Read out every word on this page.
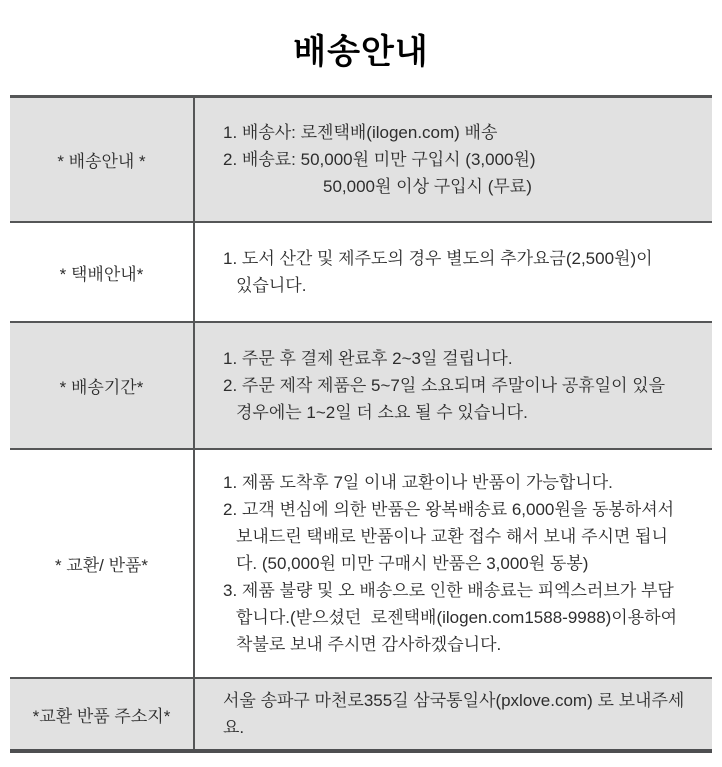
배송안내
* 배송안내 *
1. 배송사: 로젠택배(ilogen.com) 배송
2. 배송료: 50,000원 미만 구입시 (3,000원)
50,000원 이상 구입시 (무료)
* 택배안내*
1. 도서 산간 및 제주도의 경우 별도의 추가요금(2,500원)이
있습니다.
* 배송기간*
1. 주문 후 결제 완료후 2~3일 걸립니다.
2. 주문 제작 제품은 5~7일 소요되며 주말이나 공휴일이 있을
경우에는 1~2일 더 소요 될 수 있습니다.
* 교환/ 반품*
1. 제품 도착후 7일 이내 교환이나 반품이 가능합니다.
2. 고객 변심에 의한 반품은 왕복배송료 6,000원을 동봉하셔서
보내드린 택배로 반품이나 교환 접수 해서 보내 주시면 됩니
다. (50,000원 미만 구매시 반품은 3,000원 동봉)
3. 제품 불량 및 오 배송으로 인한 배송료는 피엑스러브가 부담
합니다.(받으셨던  로젠택배(ilogen.com1588-9988)이용하여
착불로 보내 주시면 감사하겠습니다.
*교환 반품 주소지*
서울 송파구 마천로355길 삼국통일사(pxlove.com) 로 보내주세
요.
